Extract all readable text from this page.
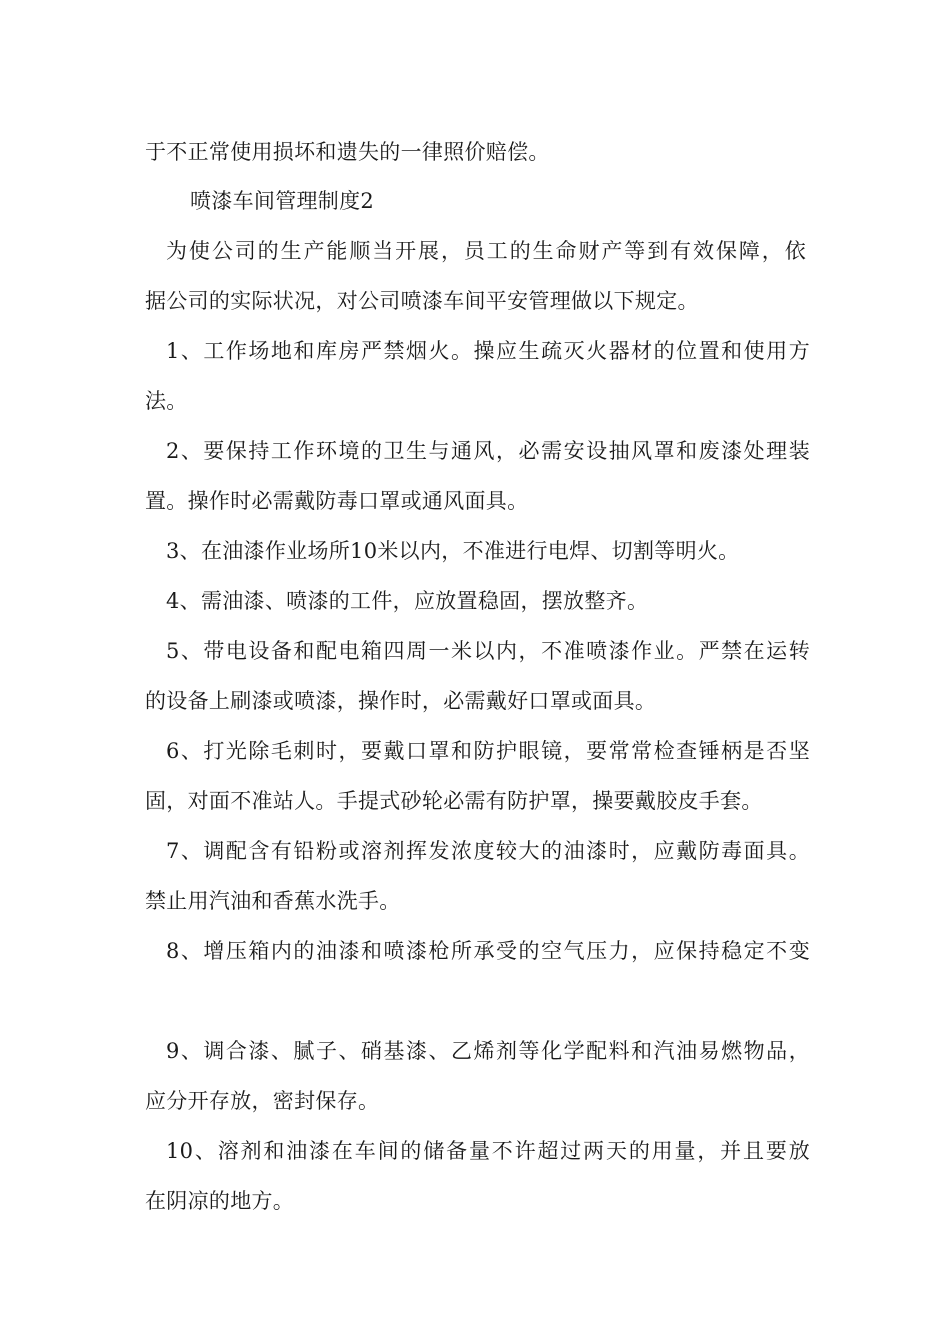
于不正常使用损坏和遗失的一律照价赔偿。
喷漆车间管理制度2
为使公司的生产能顺当开展，员工的生命财产等到有效保障，依
据公司的实际状况，对公司喷漆车间平安管理做以下规定。
1、工作场地和库房严禁烟火。操应生疏灭火器材的位置和使用方
法。
2、要保持工作环境的卫生与通风，必需安设抽风罩和废漆处理装
置。操作时必需戴防毒口罩或通风面具。
3、在油漆作业场所10米以内，不准进行电焊、切割等明火。
4、需油漆、喷漆的工件，应放置稳固，摆放整齐。
5、带电设备和配电箱四周一米以内，不准喷漆作业。严禁在运转
的设备上刷漆或喷漆，操作时，必需戴好口罩或面具。
6、打光除毛刺时，要戴口罩和防护眼镜，要常常检查锤柄是否坚
固，对面不准站人。手提式砂轮必需有防护罩，操要戴胶皮手套。
7、调配含有铅粉或溶剂挥发浓度较大的油漆时，应戴防毒面具。
禁止用汽油和香蕉水洗手。
8、增压箱内的油漆和喷漆枪所承受的空气压力，应保持稳定不变
9、调合漆、腻子、硝基漆、乙烯剂等化学配料和汽油易燃物品，
应分开存放，密封保存。
10、溶剂和油漆在车间的储备量不许超过两天的用量，并且要放
在阴凉的地方。
